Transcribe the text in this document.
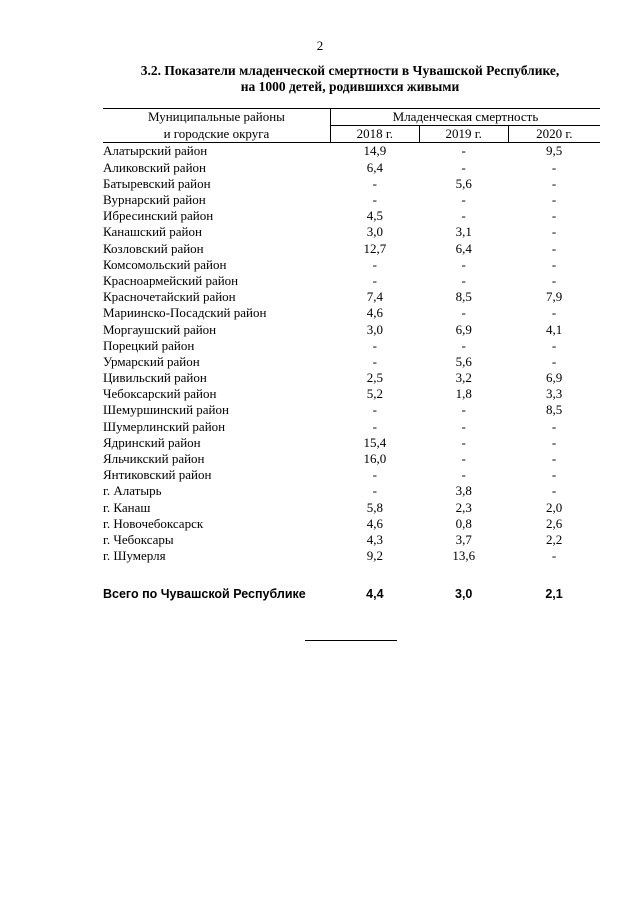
2
3.2. Показатели младенческой смертности в Чувашской Республике,
на 1000 детей, родившихся живыми
Муниципальные районы	Младенческая смертность		
и городские округа	2018 г.	2019 г.	2020 г.
Алатырский район	14,9	-	9,5
Аликовский район	6,4	-	-
Батыревский район	-	5,6	-
Вурнарский район	-	-	-
Ибресинский район	4,5	-	-
Канашский район	3,0	3,1	-
Козловский район	12,7	6,4	-
Комсомольский район	-	-	-
Красноармейский район	-	-	-
Красночетайский район	7,4	8,5	7,9
Мариинско-Посадский район	4,6	-	-
Моргаушский район	3,0	6,9	4,1
Порецкий район	-	-	-
Урмарский район	-	5,6	-
Цивильский район	2,5	3,2	6,9
Чебоксарский район	5,2	1,8	3,3
Шемуршинский район	-	-	8,5
Шумерлинский район	-	-	-
Ядринский район	15,4	-	-
Яльчикский район	16,0	-	-
Янтиковский район	-	-	-
г. Алатырь	-	3,8	-
г. Канаш	5,8	2,3	2,0
г. Новочебоксарск	4,6	0,8	2,6
г. Чебоксары	4,3	3,7	2,2
г. Шумерля	9,2	13,6	-

Всего по Чувашской Республике	4,4	3,0	2,1
